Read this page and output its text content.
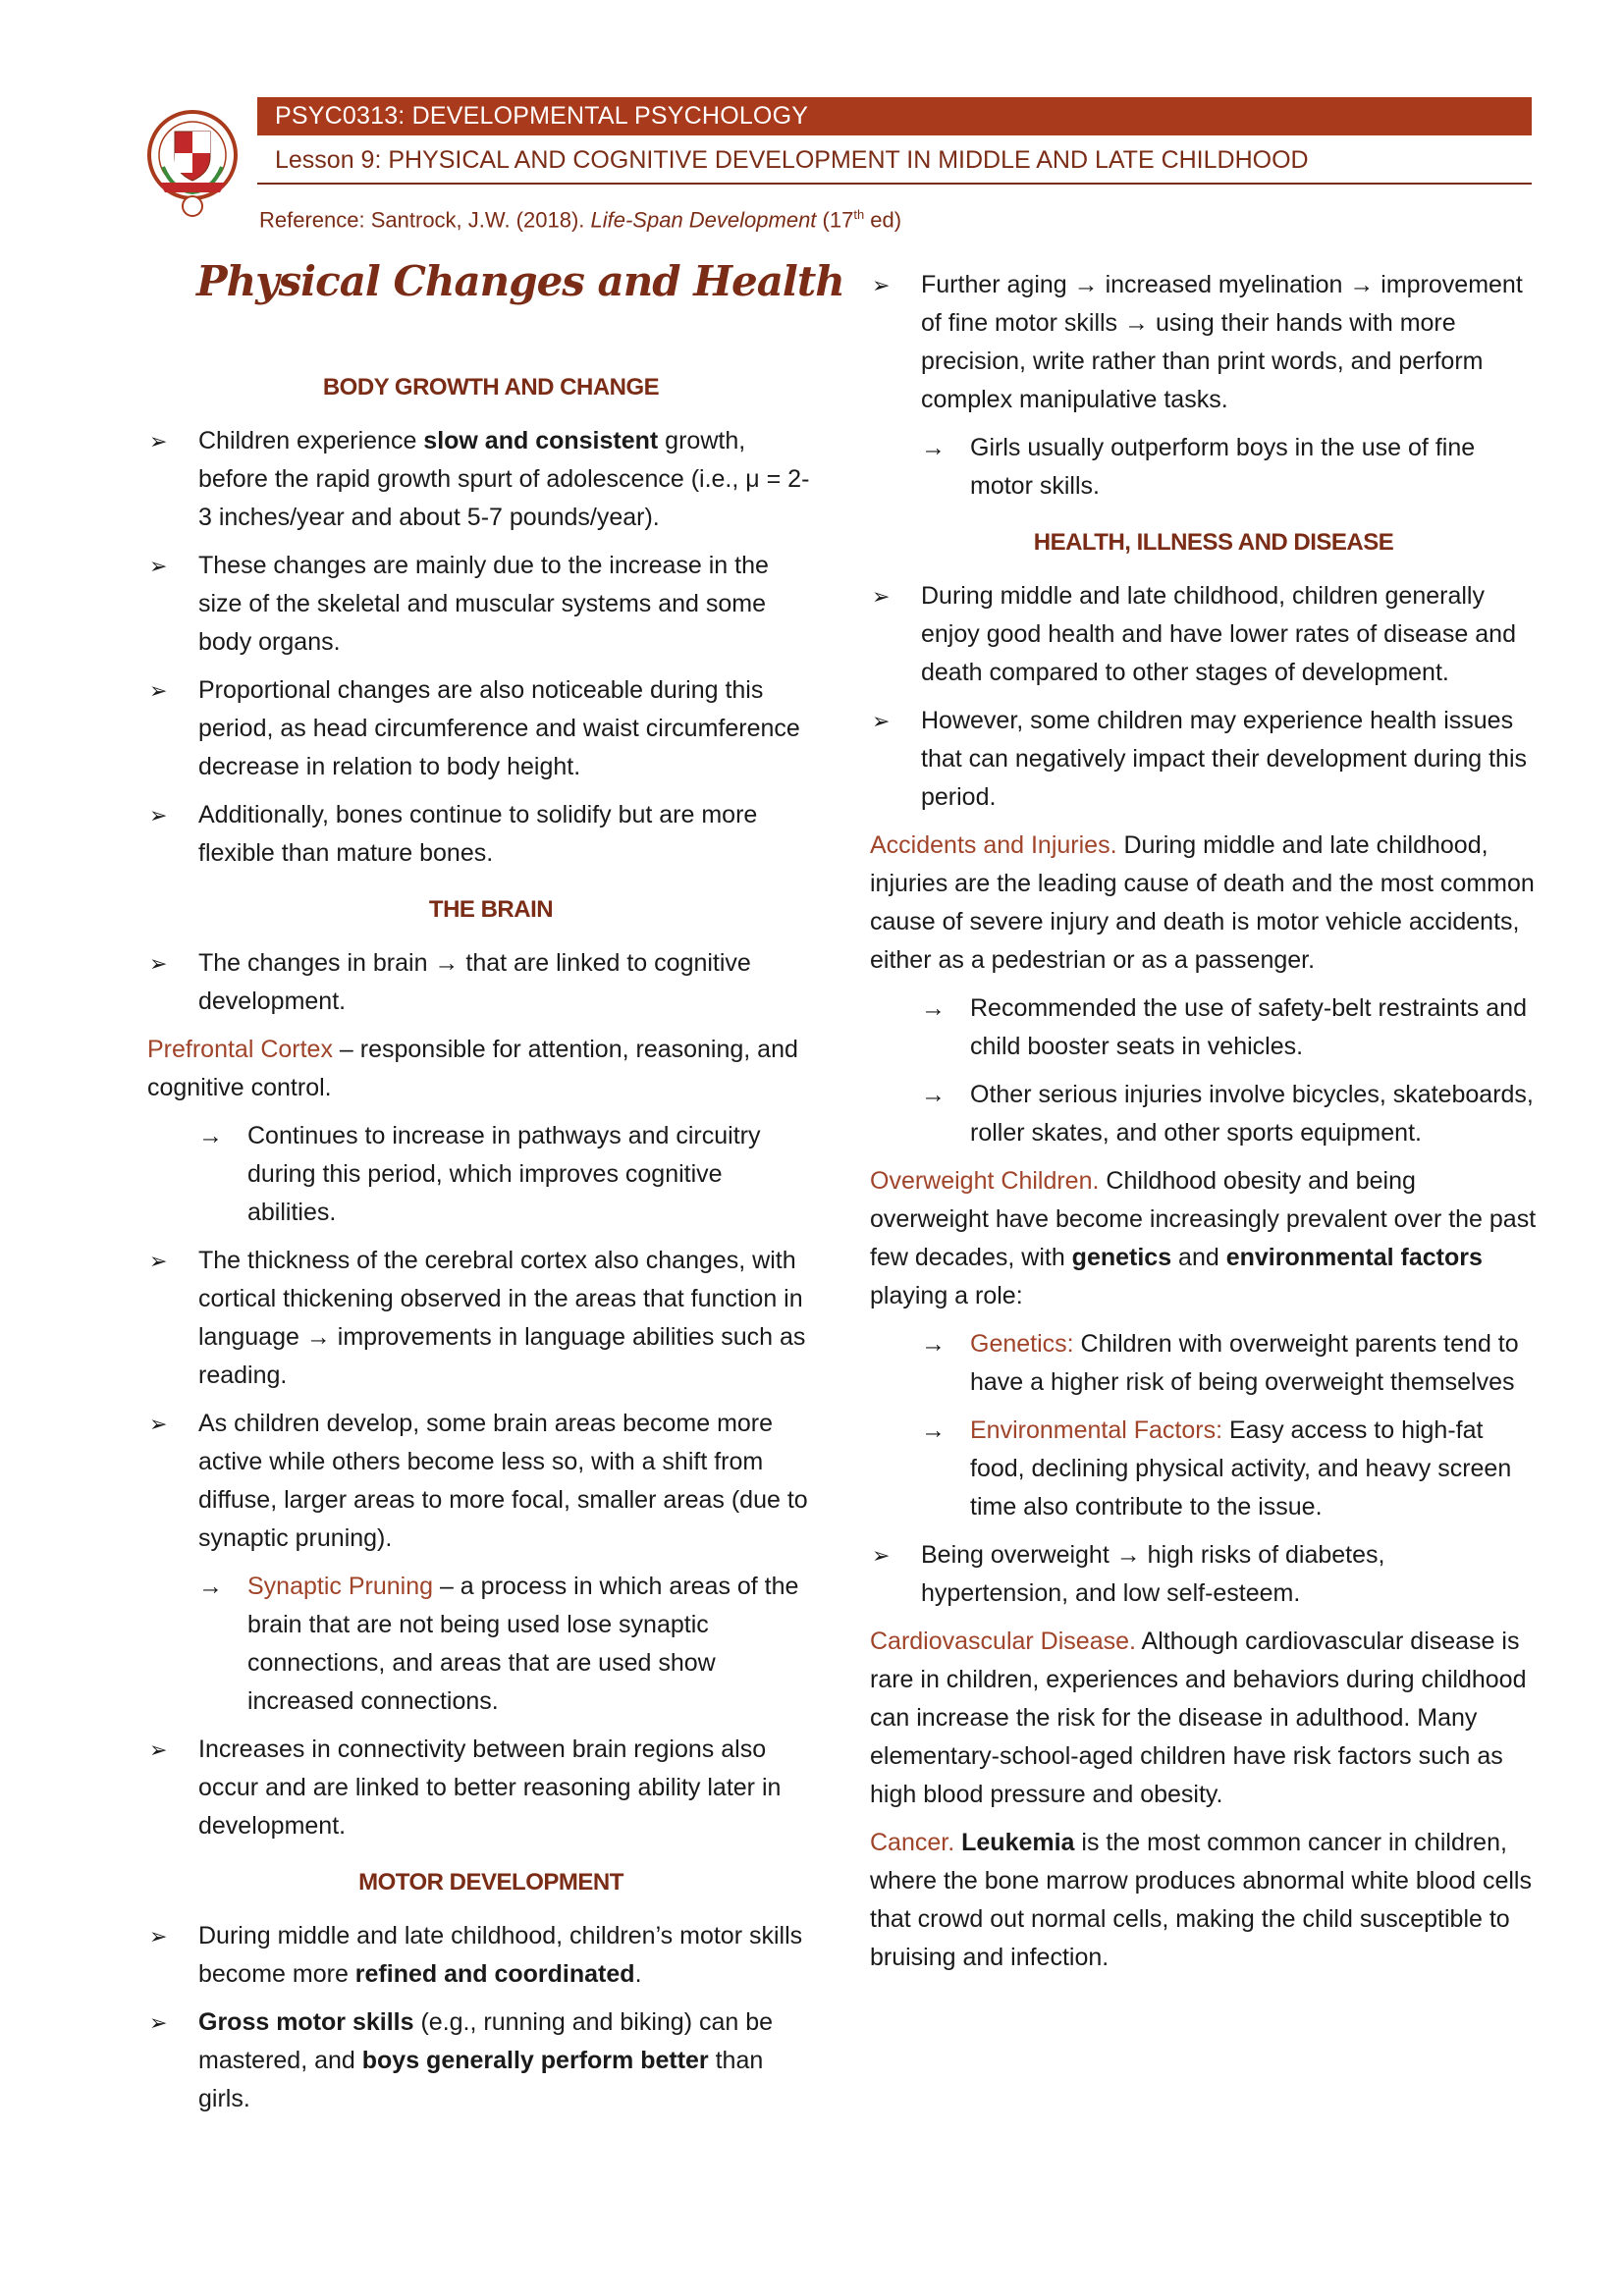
PSYC0313: DEVELOPMENTAL PSYCHOLOGY
Lesson 9: PHYSICAL AND COGNITIVE DEVELOPMENT IN MIDDLE AND LATE CHILDHOOD
Reference: Santrock, J.W. (2018). Life-Span Development (17th ed)
Physical Changes and Health
BODY GROWTH AND CHANGE
➢ Children experience slow and consistent growth, before the rapid growth spurt of adolescence (i.e., μ = 2-3 inches/year and about 5-7 pounds/year).
➢ These changes are mainly due to the increase in the size of the skeletal and muscular systems and some body organs.
➢ Proportional changes are also noticeable during this period, as head circumference and waist circumference decrease in relation to body height.
➢ Additionally, bones continue to solidify but are more flexible than mature bones.
THE BRAIN
➢ The changes in brain → that are linked to cognitive development.
Prefrontal Cortex – responsible for attention, reasoning, and cognitive control.
→ Continues to increase in pathways and circuitry during this period, which improves cognitive abilities.
➢ The thickness of the cerebral cortex also changes, with cortical thickening observed in the areas that function in language → improvements in language abilities such as reading.
➢ As children develop, some brain areas become more active while others become less so, with a shift from diffuse, larger areas to more focal, smaller areas (due to synaptic pruning).
→ Synaptic Pruning – a process in which areas of the brain that are not being used lose synaptic connections, and areas that are used show increased connections.
➢ Increases in connectivity between brain regions also occur and are linked to better reasoning ability later in development.
MOTOR DEVELOPMENT
➢ During middle and late childhood, children’s motor skills become more refined and coordinated.
➢ Gross motor skills (e.g., running and biking) can be mastered, and boys generally perform better than girls.
➢ Further aging → increased myelination → improvement of fine motor skills → using their hands with more precision, write rather than print words, and perform complex manipulative tasks.
→ Girls usually outperform boys in the use of fine motor skills.
HEALTH, ILLNESS AND DISEASE
➢ During middle and late childhood, children generally enjoy good health and have lower rates of disease and death compared to other stages of development.
➢ However, some children may experience health issues that can negatively impact their development during this period.
Accidents and Injuries. During middle and late childhood, injuries are the leading cause of death and the most common cause of severe injury and death is motor vehicle accidents, either as a pedestrian or as a passenger.
→ Recommended the use of safety-belt restraints and child booster seats in vehicles.
→ Other serious injuries involve bicycles, skateboards, roller skates, and other sports equipment.
Overweight Children. Childhood obesity and being overweight have become increasingly prevalent over the past few decades, with genetics and environmental factors playing a role:
→ Genetics: Children with overweight parents tend to have a higher risk of being overweight themselves
→ Environmental Factors: Easy access to high-fat food, declining physical activity, and heavy screen time also contribute to the issue.
➢ Being overweight → high risks of diabetes, hypertension, and low self-esteem.
Cardiovascular Disease. Although cardiovascular disease is rare in children, experiences and behaviors during childhood can increase the risk for the disease in adulthood. Many elementary-school-aged children have risk factors such as high blood pressure and obesity.
Cancer. Leukemia is the most common cancer in children, where the bone marrow produces abnormal white blood cells that crowd out normal cells, making the child susceptible to bruising and infection.
